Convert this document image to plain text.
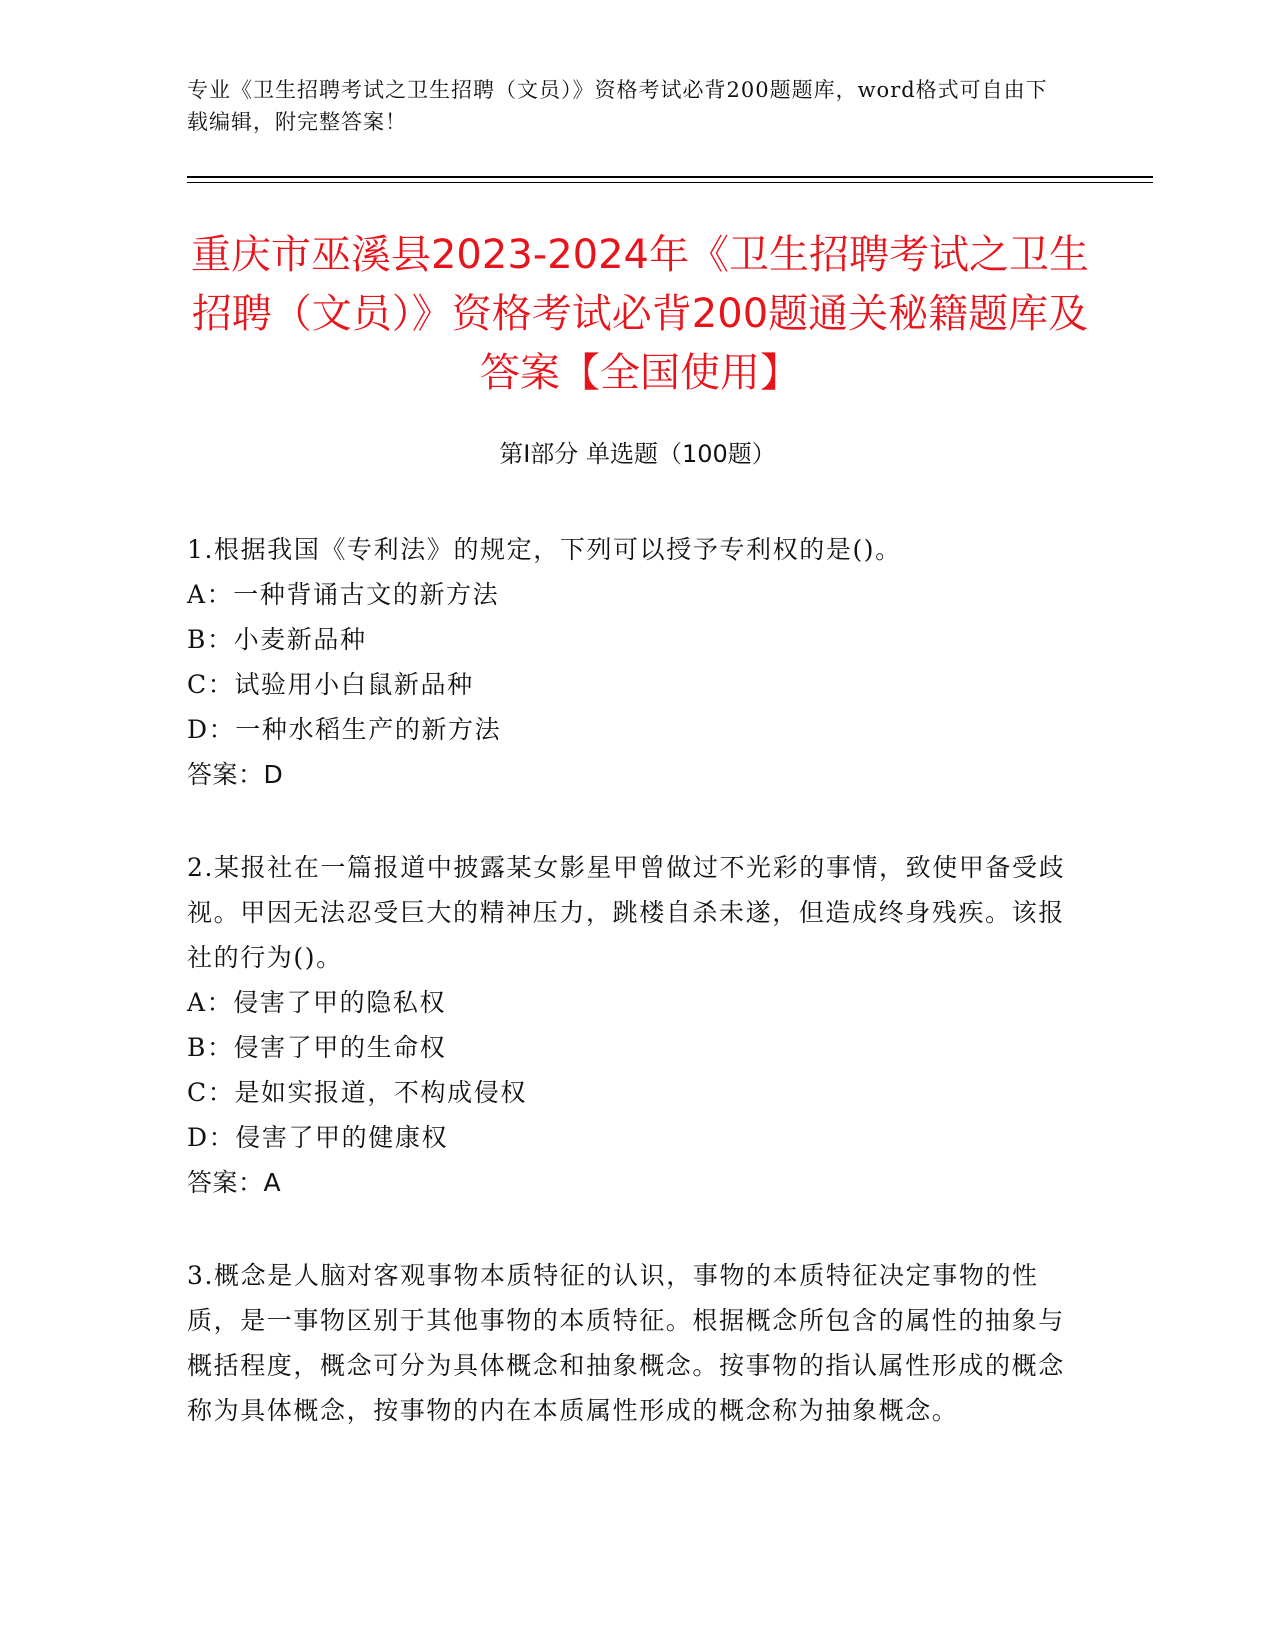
专业《卫生招聘考试之卫生招聘（文员）》资格考试必背200题题库，word格式可自由下载编辑，附完整答案！
重庆市巫溪县2023-2024年《卫生招聘考试之卫生招聘（文员）》资格考试必背200题通关秘籍题库及答案【全国使用】
第Ⅰ部分 单选题（100题）
1.根据我国《专利法》的规定，下列可以授予专利权的是()。
A：一种背诵古文的新方法
B：小麦新品种
C：试验用小白鼠新品种
D：一种水稻生产的新方法
答案：D
2.某报社在一篇报道中披露某女影星甲曾做过不光彩的事情，致使甲备受歧视。甲因无法忍受巨大的精神压力，跳楼自杀未遂，但造成终身残疾。该报社的行为()。
A：侵害了甲的隐私权
B：侵害了甲的生命权
C：是如实报道，不构成侵权
D：侵害了甲的健康权
答案：A
3.概念是人脑对客观事物本质特征的认识，事物的本质特征决定事物的性质，是一事物区别于其他事物的本质特征。根据概念所包含的属性的抽象与概括程度，概念可分为具体概念和抽象概念。按事物的指认属性形成的概念称为具体概念，按事物的内在本质属性形成的概念称为抽象概念。
